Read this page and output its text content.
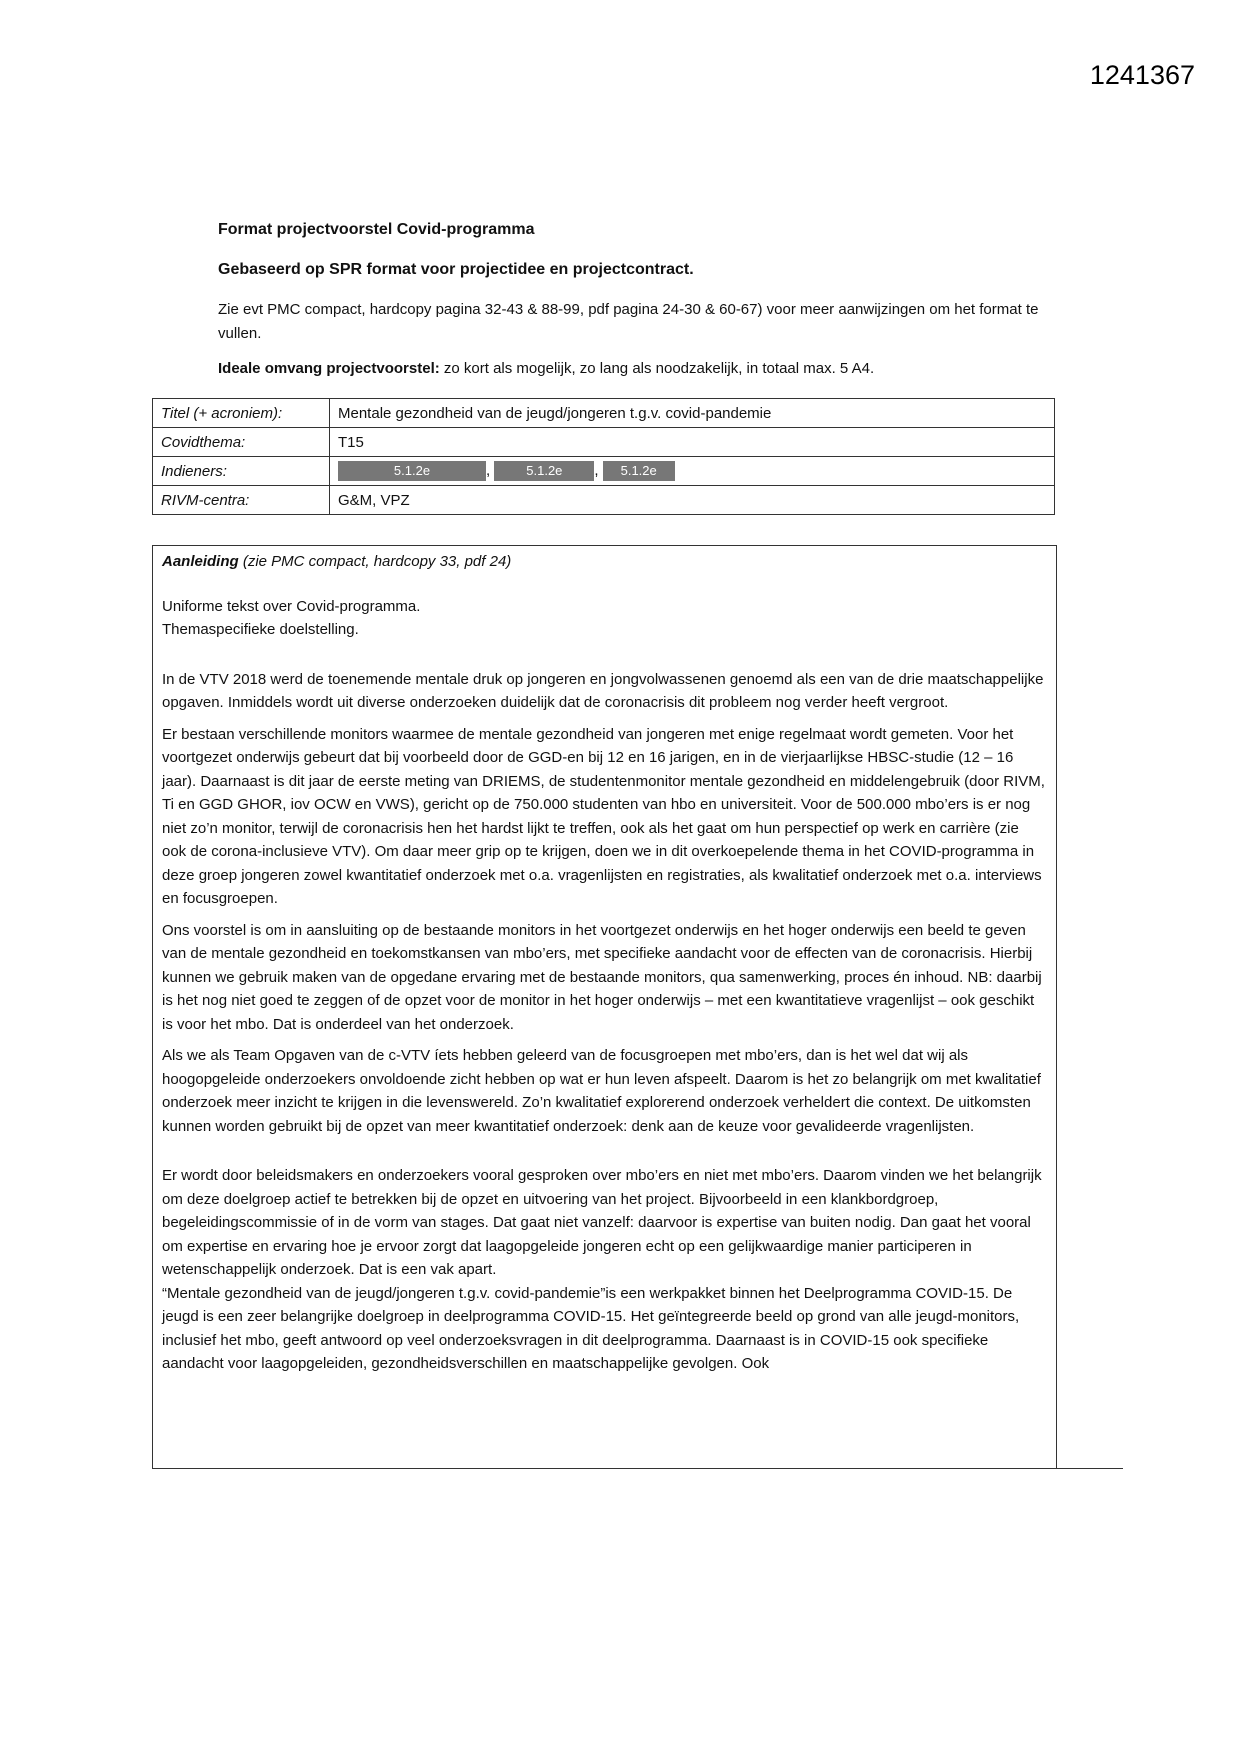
1241367
Format projectvoorstel Covid-programma
Gebaseerd op SPR format voor projectidee en projectcontract.
Zie evt PMC compact, hardcopy pagina 32-43 & 88-99, pdf pagina 24-30 & 60-67) voor meer aanwijzingen om het format te vullen.
Ideale omvang projectvoorstel: zo kort als mogelijk, zo lang als noodzakelijk, in totaal max. 5 A4.
Titel (+ acroniem):	Mentale gezondheid van de jeugd/jongeren t.g.v. covid-pandemie
Covidthema:	T15
Indieners:	5.1.2e , 5.1.2e , 5.1.2e
RIVM-centra:	G&M, VPZ

Aanleiding (zie PMC compact, hardcopy 33, pdf 24)

Uniforme tekst over Covid-programma.

Themaspecifieke doelstelling.

In de VTV 2018 werd de toenemende mentale druk op jongeren en jongvolwassenen genoemd als een van de drie maatschappelijke opgaven. Inmiddels wordt uit diverse onderzoeken duidelijk dat de coronacrisis dit probleem nog verder heeft vergroot.

Er bestaan verschillende monitors waarmee de mentale gezondheid van jongeren met enige regelmaat wordt gemeten. Voor het voortgezet onderwijs gebeurt dat bij voorbeeld door de GGD-en bij 12 en 16 jarigen, en in de vierjaarlijkse HBSC-studie (12 – 16 jaar). Daarnaast is dit jaar de eerste meting van DRIEMS, de studentenmonitor mentale gezondheid en middelengebruik (door RIVM, Ti en GGD GHOR, iov OCW en VWS), gericht op de 750.000 studenten van hbo en universiteit. Voor de 500.000 mbo’ers is er nog niet zo’n monitor, terwijl de coronacrisis hen het hardst lijkt te treffen, ook als het gaat om hun perspectief op werk en carrière (zie ook de corona-inclusieve VTV). Om daar meer grip op te krijgen, doen we in dit overkoepelende thema in het COVID-programma in deze groep jongeren zowel kwantitatief onderzoek met o.a. vragenlijsten en registraties, als kwalitatief onderzoek met o.a. interviews en focusgroepen.

Ons voorstel is om in aansluiting op de bestaande monitors in het voortgezet onderwijs en het hoger onderwijs een beeld te geven van de mentale gezondheid en toekomstkansen van mbo’ers, met specifieke aandacht voor de effecten van de coronacrisis. Hierbij kunnen we gebruik maken van de opgedane ervaring met de bestaande monitors, qua samenwerking, proces én inhoud. NB: daarbij is het nog niet goed te zeggen of de opzet voor de monitor in het hoger onderwijs – met een kwantitatieve vragenlijst – ook geschikt is voor het mbo. Dat is onderdeel van het onderzoek.

Als we als Team Opgaven van de c-VTV íets hebben geleerd van de focusgroepen met mbo’ers, dan is het wel dat wij als hoogopgeleide onderzoekers onvoldoende zicht hebben op wat er hun leven afspeelt. Daarom is het zo belangrijk om met kwalitatief onderzoek meer inzicht te krijgen in die levenswereld. Zo’n kwalitatief explorerend onderzoek verheldert die context. De uitkomsten kunnen worden gebruikt bij de opzet van meer kwantitatief onderzoek: denk aan de keuze voor gevalideerde vragenlijsten.

Er wordt door beleidsmakers en onderzoekers vooral gesproken over mbo’ers en niet met mbo’ers. Daarom vinden we het belangrijk om deze doelgroep actief te betrekken bij de opzet en uitvoering van het project. Bijvoorbeeld in een klankbordgroep, begeleidingscommissie of in de vorm van stages. Dat gaat niet vanzelf: daarvoor is expertise van buiten nodig. Dan gaat het vooral om expertise en ervaring hoe je ervoor zorgt dat laagopgeleide jongeren echt op een gelijkwaardige manier participeren in wetenschappelijk onderzoek. Dat is een vak apart.

“Mentale gezondheid van de jeugd/jongeren t.g.v. covid-pandemie”is een werkpakket binnen het Deelprogramma COVID-15. De jeugd is een zeer belangrijke doelgroep in deelprogramma COVID-15. Het geïntegreerde beeld op grond van alle jeugd-monitors, inclusief het mbo, geeft antwoord op veel onderzoeksvragen in dit deelprogramma. Daarnaast is in COVID-15 ook specifieke aandacht voor laagopgeleiden, gezondheidsverschillen en maatschappelijke gevolgen. Ook
